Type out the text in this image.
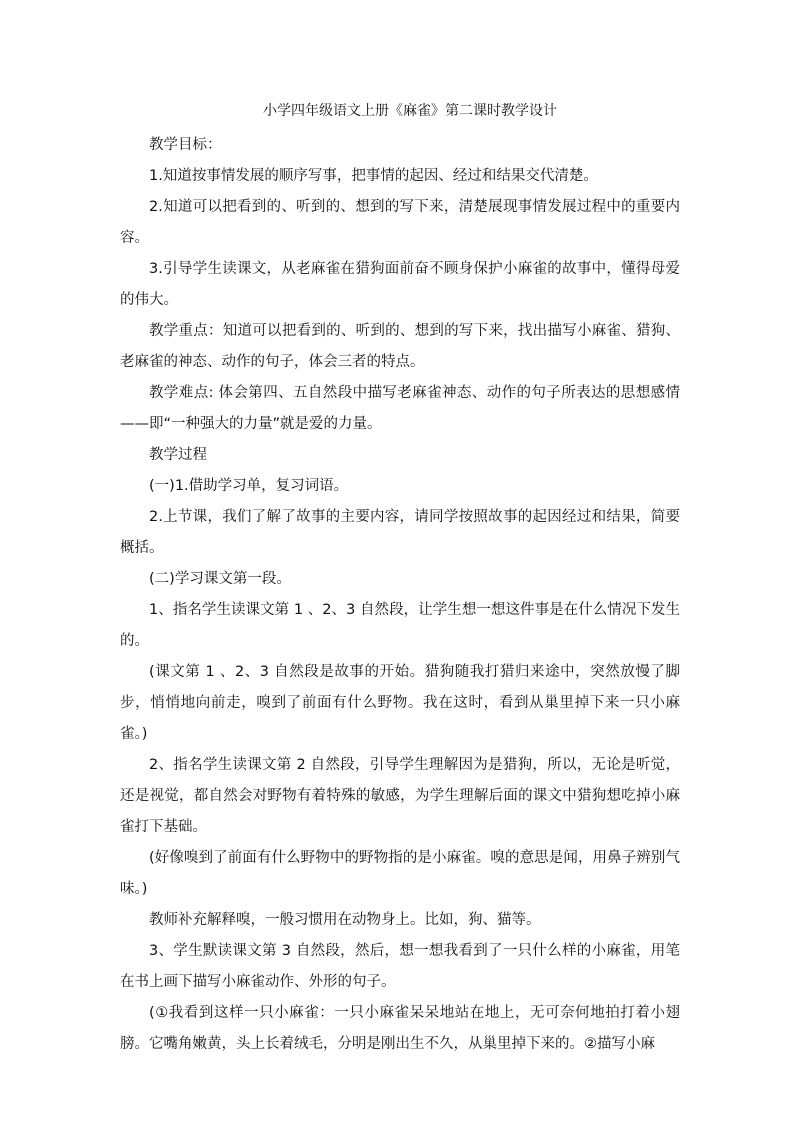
小学四年级语文上册《麻雀》第二课时教学设计

教学目标：

1.知道按事情发展的顺序写事，把事情的起因、经过和结果交代清楚。

2.知道可以把看到的、听到的、想到的写下来，清楚展现事情发展过程中的重要内容。

3.引导学生读课文，从老麻雀在猎狗面前奋不顾身保护小麻雀的故事中，懂得母爱的伟大。

教学重点：知道可以把看到的、听到的、想到的写下来，找出描写小麻雀、猎狗、老麻雀的神态、动作的句子，体会三者的特点。

教学难点: 体会第四、五自然段中描写老麻雀神态、动作的句子所表达的思想感情——即“一种强大的力量”就是爱的力量。

教学过程

(一)1.借助学习单，复习词语。

2.上节课，我们了解了故事的主要内容，请同学按照故事的起因经过和结果，简要概括。

(二)学习课文第一段。

1、指名学生读课文第 1 、2、3 自然段，让学生想一想这件事是在什么情况下发生的。

(课文第 1 、2、3 自然段是故事的开始。猎狗随我打猎归来途中，突然放慢了脚步，悄悄地向前走，嗅到了前面有什么野物。我在这时，看到从巢里掉下来一只小麻雀。)

2、指名学生读课文第 2 自然段，引导学生理解因为是猎狗，所以，无论是听觉，还是视觉，都自然会对野物有着特殊的敏感，为学生理解后面的课文中猎狗想吃掉小麻雀打下基础。

(好像嗅到了前面有什么野物中的野物指的是小麻雀。嗅的意思是闻，用鼻子辨别气味。)

教师补充解释嗅，一般习惯用在动物身上。比如，狗、猫等。

3、学生默读课文第 3 自然段，然后，想一想我看到了一只什么样的小麻雀，用笔在书上画下描写小麻雀动作、外形的句子。

(①我看到这样一只小麻雀：一只小麻雀呆呆地站在地上，无可奈何地拍打着小翅膀。它嘴角嫩黄，头上长着绒毛，分明是刚出生不久，从巢里掉下来的。②描写小麻
